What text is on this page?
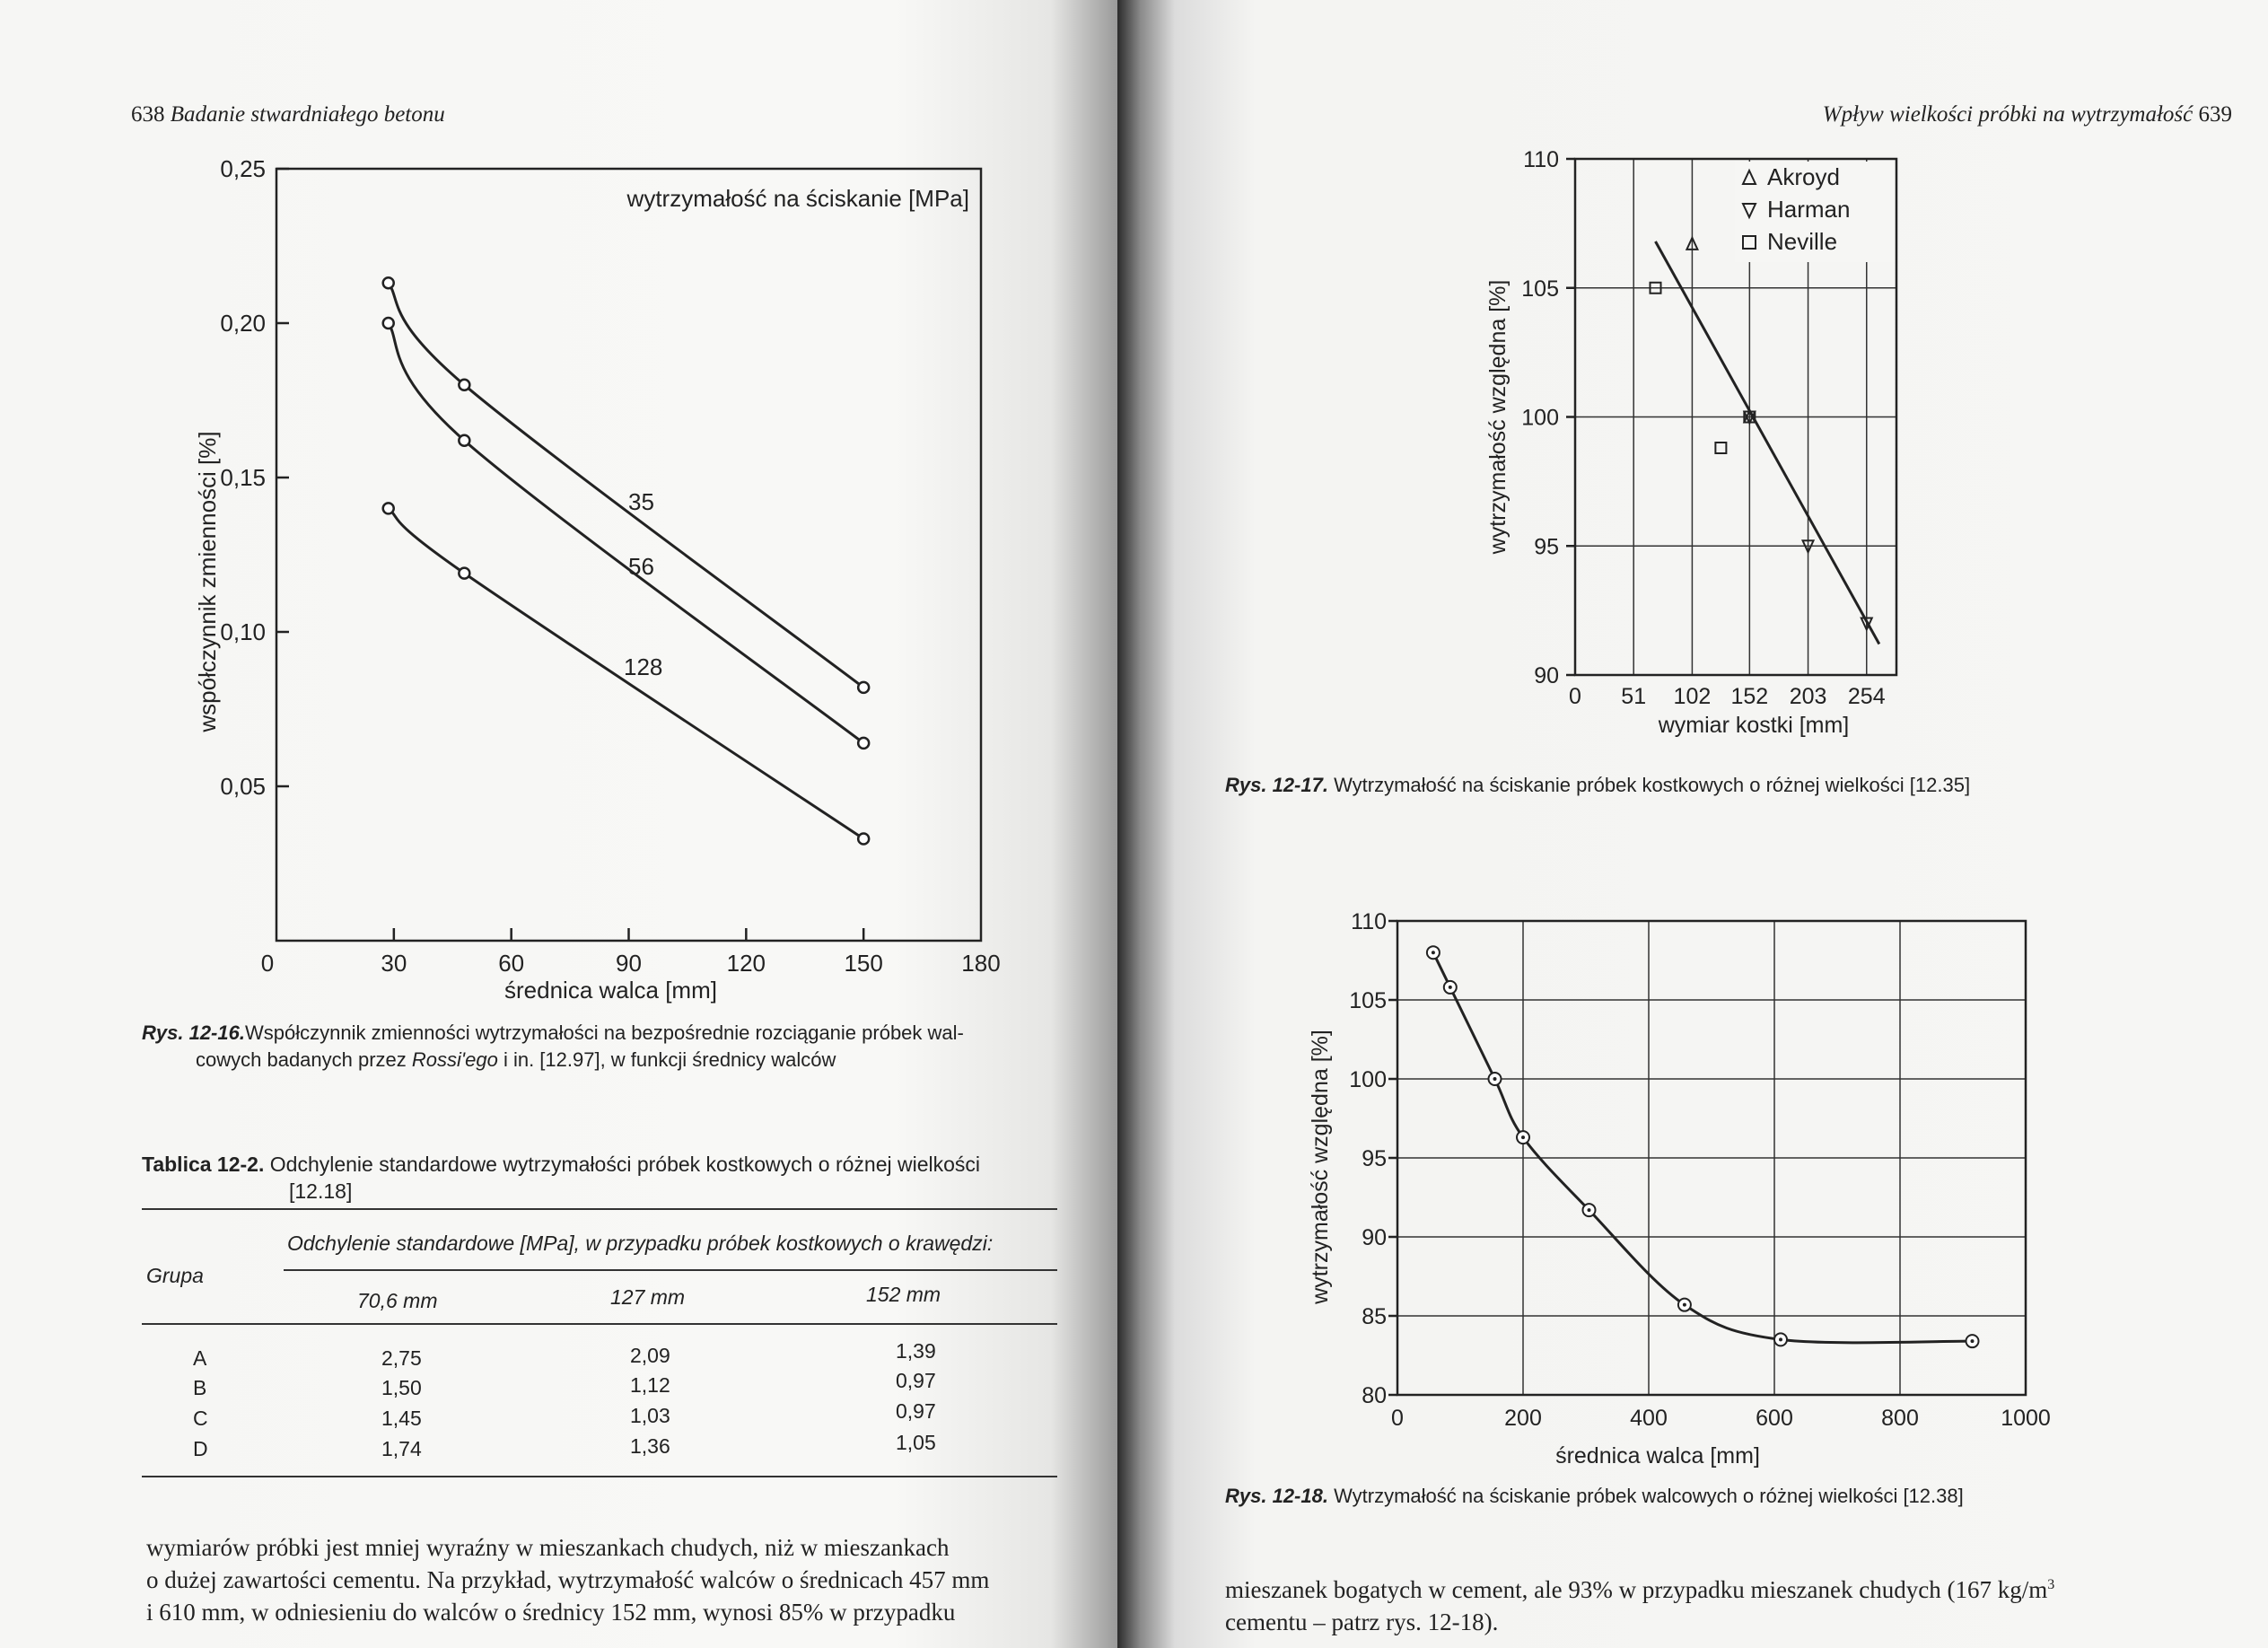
638 Badanie stwardniałego betonu
0,05
0,10
0,15
0,20
0,25
0	30	60	90	120	150	180
średnica walca [mm]
współczynnik zmienności [%]
wytrzymałość na ściskanie [MPa]
35
56
128
Rys. 12-16.Współczynnik zmienności wytrzymałości na bezpośrednie rozciąganie próbek wal-
cowych badanych przez Rossi'ego i in. [12.97], w funkcji średnicy walców
Tablica 12-2. Odchylenie standardowe wytrzymałości próbek kostkowych o różnej wielkości
[12.18]
Odchylenie standardowe [MPa], w przypadku próbek kostkowych o krawędzi:
Grupa
70,6 mm	127 mm	152 mm
A	2,75	2,09	1,39
B	1,50	1,12	0,97
C	1,45	1,03	0,97
D	1,74	1,36	1,05
wymiarów próbki jest mniej wyraźny w mieszankach chudych, niż w mieszankach
o dużej zawartości cementu. Na przykład, wytrzymałość walców o średnicach 457 mm
i 610 mm, w odniesieniu do walców o średnicy 152 mm, wynosi 85% w przypadku
Wpływ wielkości próbki na wytrzymałość 639
90
95
100
105
110
0 51 102 152 203 254
wymiar kostki [mm]
wytrzymałość względna [%]
Akroyd
Harman
Neville
Rys. 12-17. Wytrzymałość na ściskanie próbek kostkowych o różnej wielkości [12.35]
80
85
90
95
100
105
110
0	200	400	600	800	1000
średnica walca [mm]
wytrzymałość względna [%]
Rys. 12-18. Wytrzymałość na ściskanie próbek walcowych o różnej wielkości [12.38]
mieszanek bogatych w cement, ale 93% w przypadku mieszanek chudych (167 $kg/m^3$
cementu – patrz rys. 12-18).
